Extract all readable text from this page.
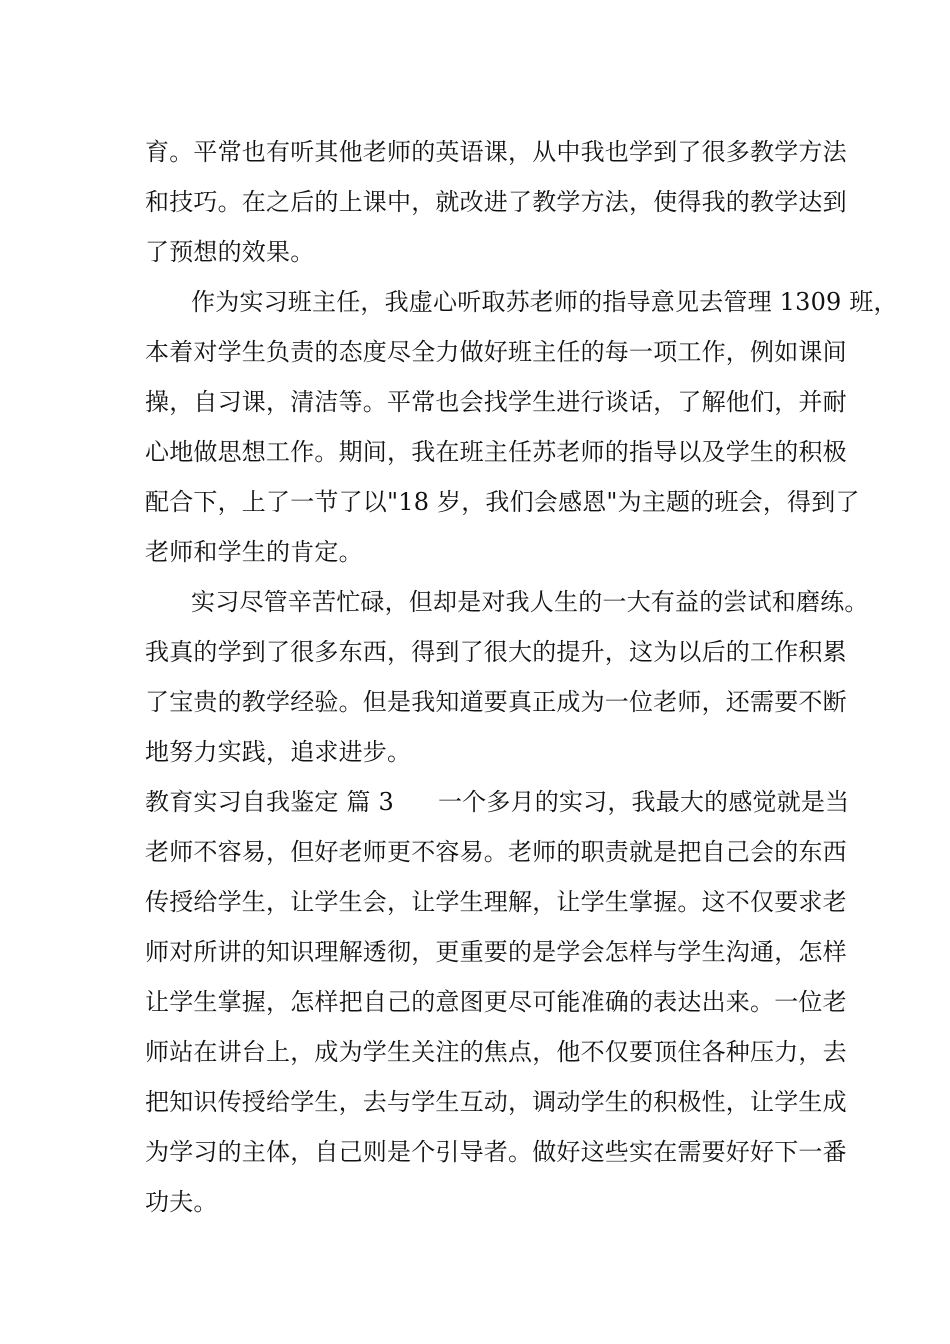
育。平常也有听其他老师的英语课，从中我也学到了很多教学方法
和技巧。在之后的上课中，就改进了教学方法，使得我的教学达到
了预想的效果。
作为实习班主任，我虚心听取苏老师的指导意见去管理 1309 班，
本着对学生负责的态度尽全力做好班主任的每一项工作，例如课间
操，自习课，清洁等。平常也会找学生进行谈话，了解他们，并耐
心地做思想工作。期间，我在班主任苏老师的指导以及学生的积极
配合下，上了一节了以"18 岁，我们会感恩"为主题的班会，得到了
老师和学生的肯定。
实习尽管辛苦忙碌，但却是对我人生的一大有益的尝试和磨练。
我真的学到了很多东西，得到了很大的提升，这为以后的工作积累
了宝贵的教学经验。但是我知道要真正成为一位老师，还需要不断
地努力实践，追求进步。
教育实习自我鉴定 篇 3 一个多月的实习，我最大的感觉就是当
老师不容易，但好老师更不容易。老师的职责就是把自己会的东西
传授给学生，让学生会，让学生理解，让学生掌握。这不仅要求老
师对所讲的知识理解透彻，更重要的是学会怎样与学生沟通，怎样
让学生掌握，怎样把自己的意图更尽可能准确的表达出来。一位老
师站在讲台上，成为学生关注的焦点，他不仅要顶住各种压力，去
把知识传授给学生，去与学生互动，调动学生的积极性，让学生成
为学习的主体，自己则是个引导者。做好这些实在需要好好下一番
功夫。
